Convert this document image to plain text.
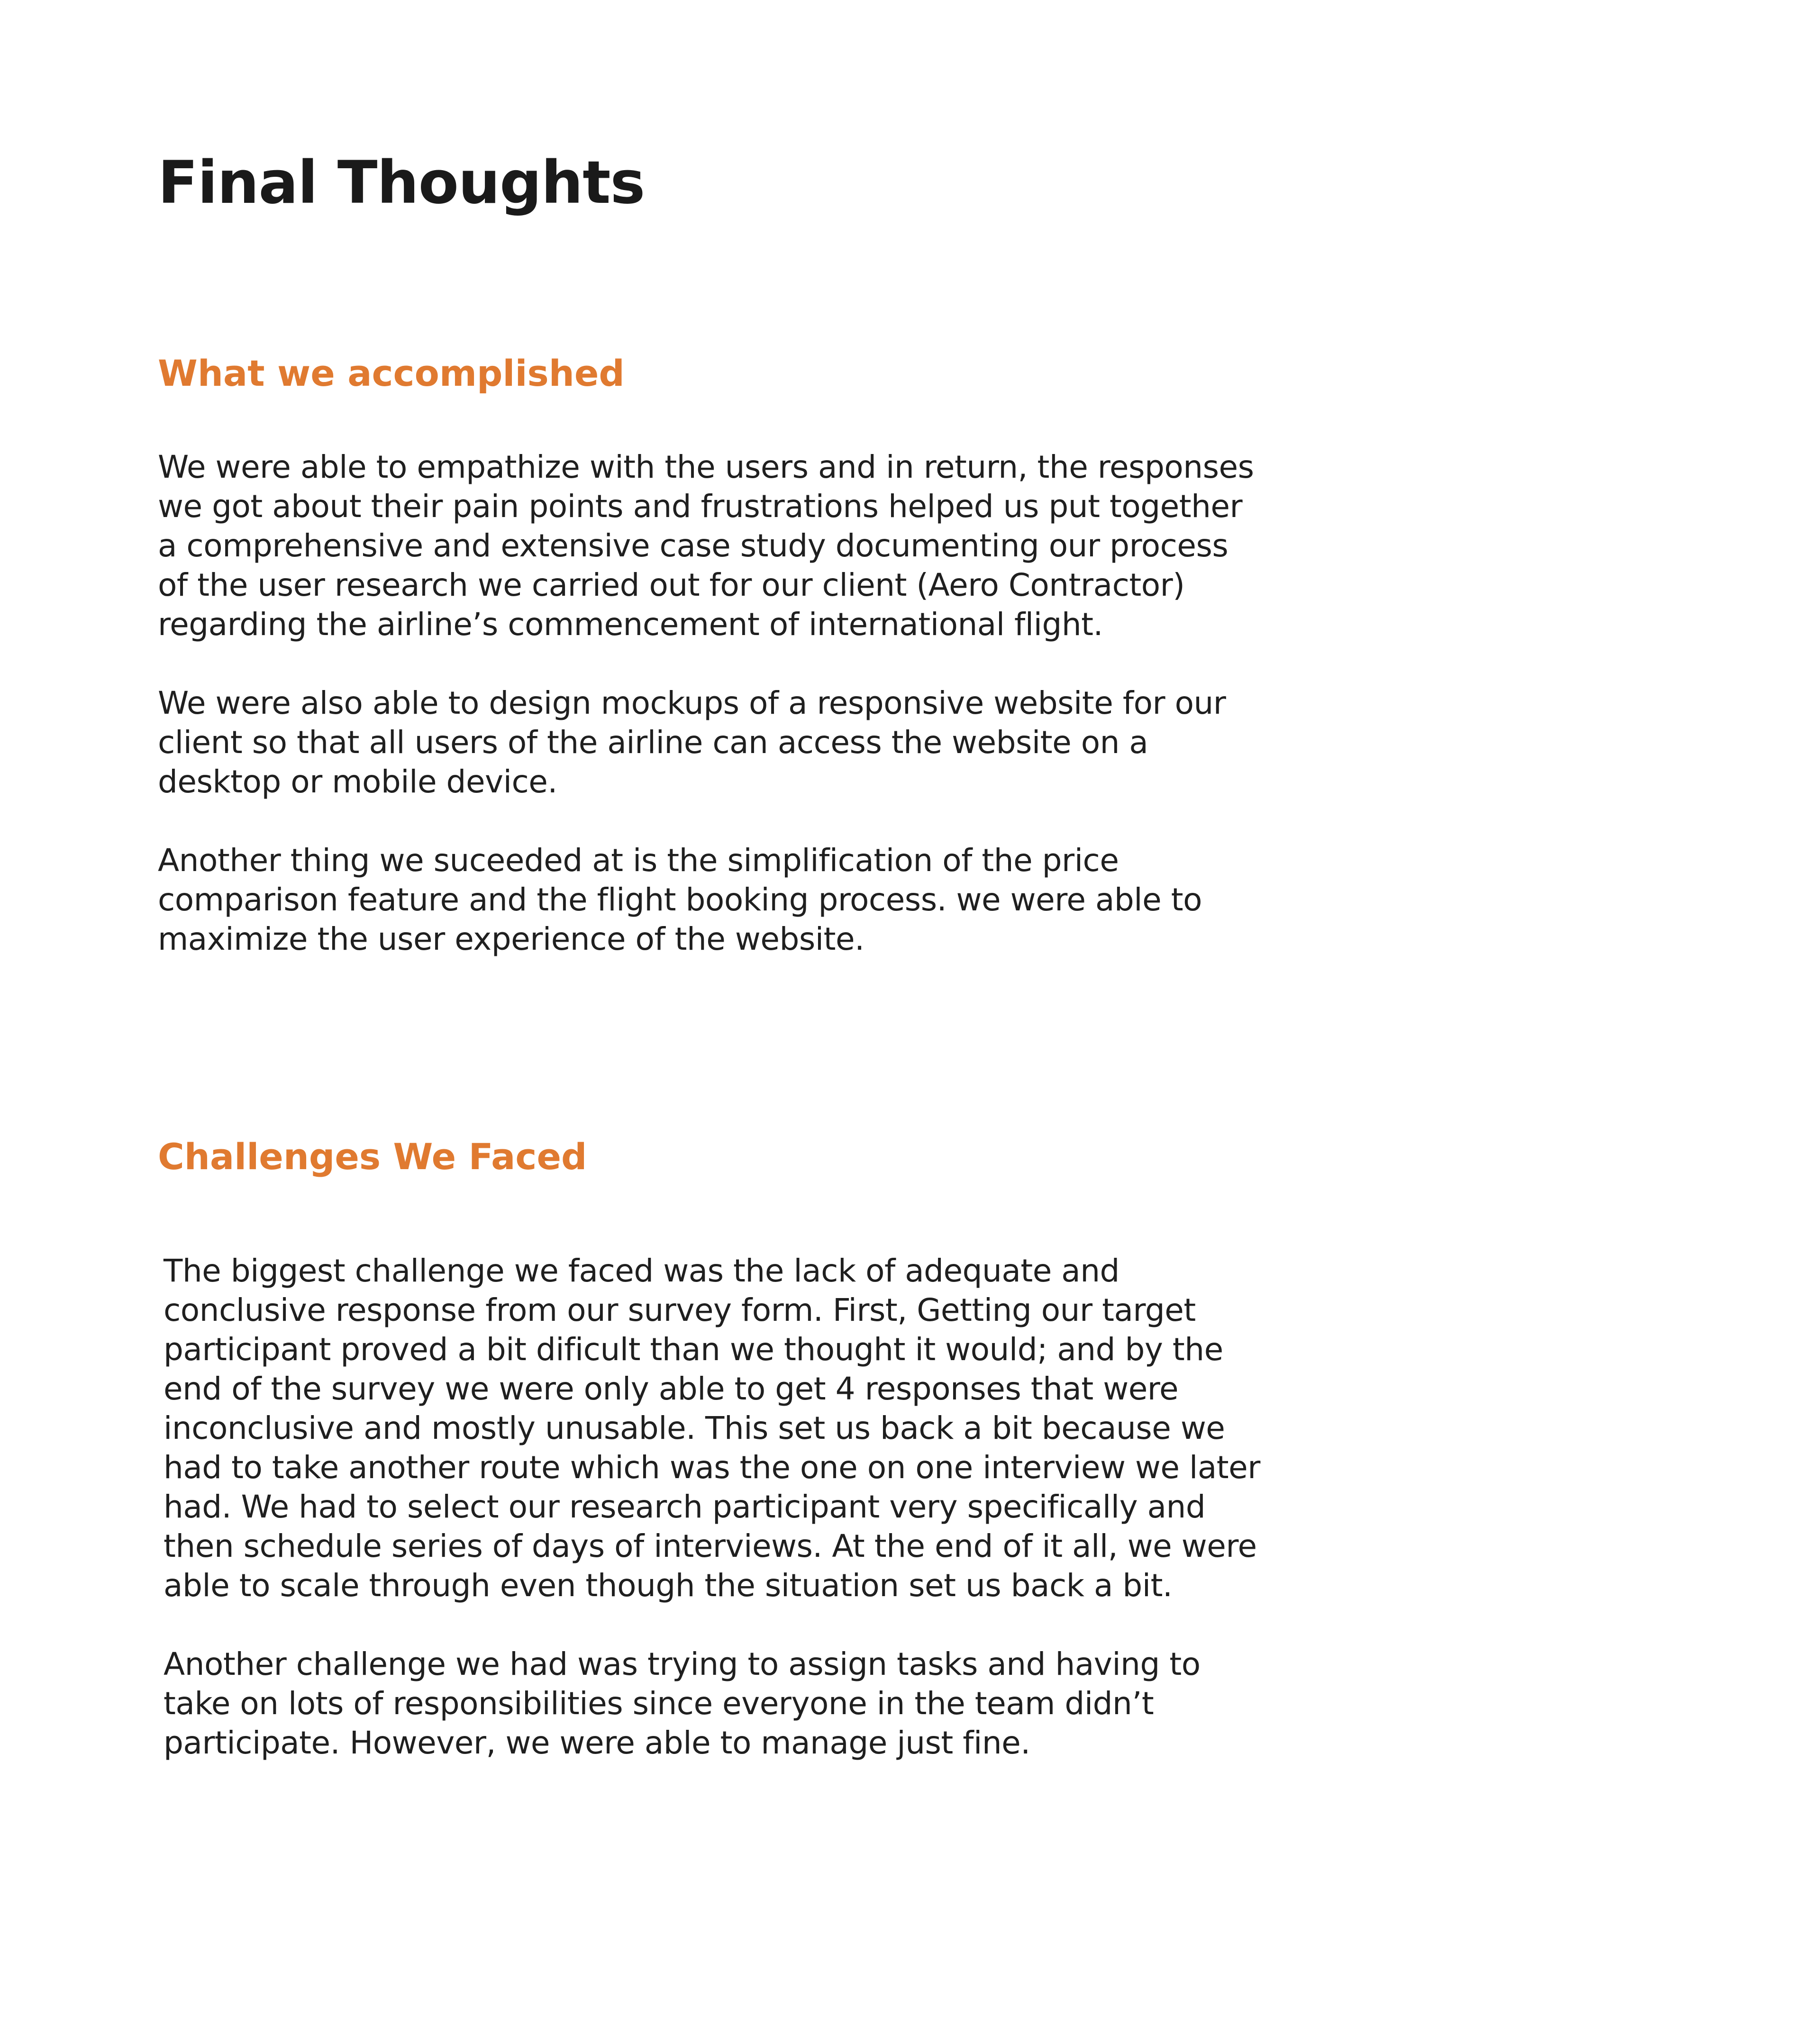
Final Thoughts
What we accomplished

We were able to empathize with the users and in return, the responses
we got about their pain points and frustrations helped us put together
a comprehensive and extensive case study documenting our process
of the user research we carried out for our client (Aero Contractor)
regarding the airline’s commencement of international flight.

We were also able to design mockups of a responsive website for our
client so that all users of the airline can access the website on a
desktop or mobile device.

Another thing we suceeded at is the simplification of the price
comparison feature and the flight booking process. we were able to
maximize the user experience of the website.

Challenges We Faced

The biggest challenge we faced was the lack of adequate and
conclusive response from our survey form. First, Getting our target
participant proved a bit dificult than we thought it would; and by the
end of the survey we were only able to get 4 responses that were
inconclusive and mostly unusable. This set us back a bit because we
had to take another route which was the one on one interview we later
had. We had to select our research participant very specifically and
then schedule series of days of interviews. At the end of it all, we were
able to scale through even though the situation set us back a bit.

Another challenge we had was trying to assign tasks and having to
take on lots of responsibilities since everyone in the team didn’t
participate. However, we were able to manage just fine.
